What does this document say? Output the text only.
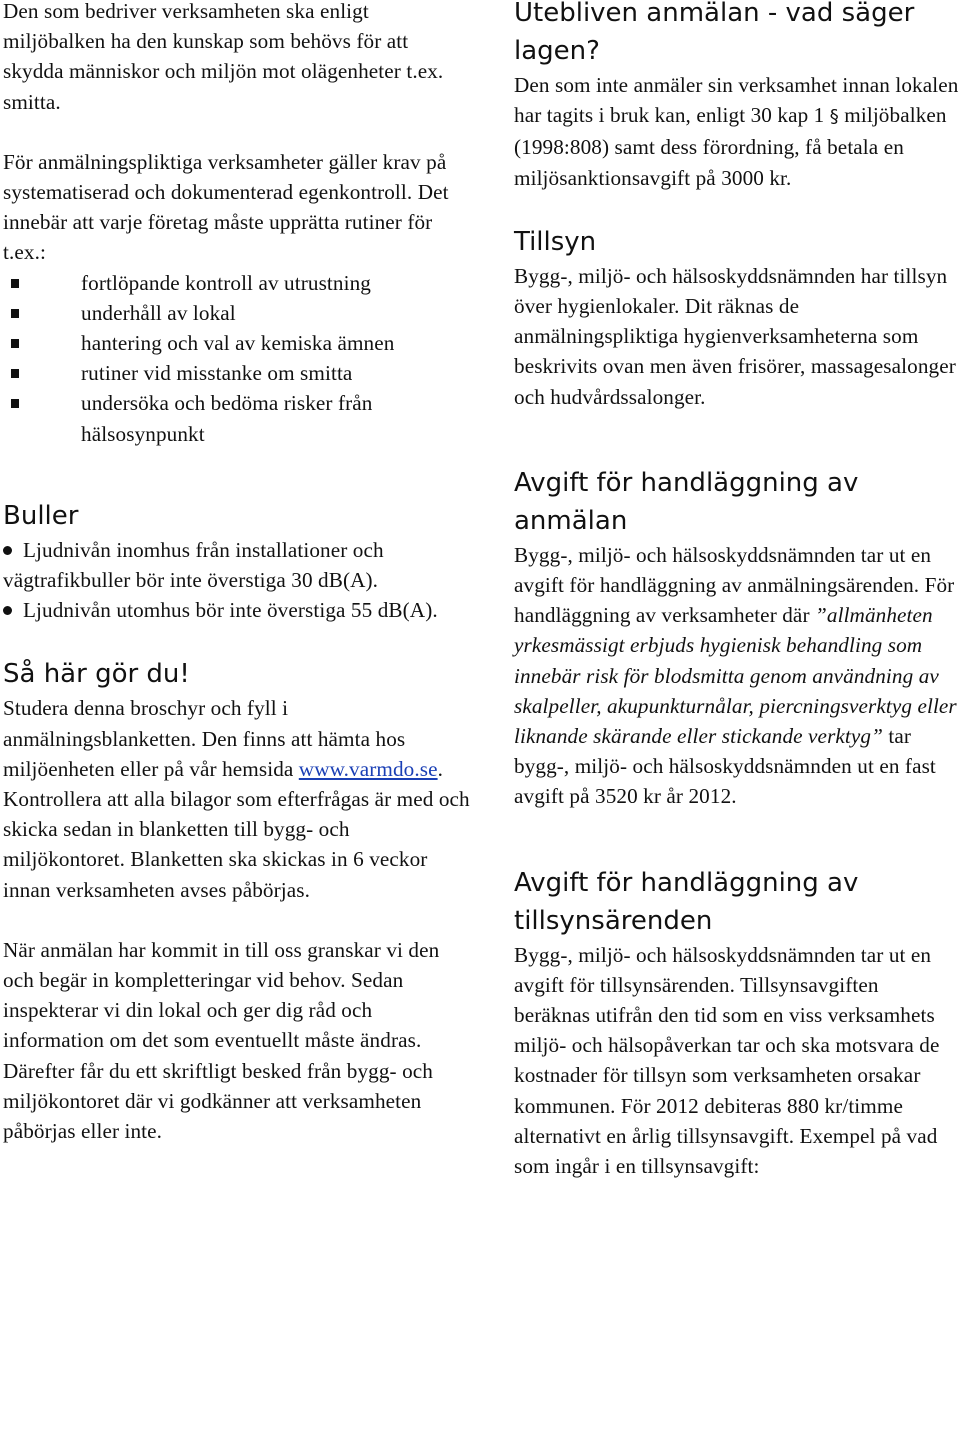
Den som bedriver verksamheten ska enligt miljöbalken ha den kunskap som behövs för att skydda människor och miljön mot olägenheter t.ex. smitta.

För anmälningspliktiga verksamheter gäller krav på systematiserad och dokumenterad egenkontroll. Det innebär att varje företag måste upprätta rutiner för t.ex.:

fortlöpande kontroll av utrustning
underhåll av lokal
hantering och val av kemiska ämnen
rutiner vid misstanke om smitta
undersöka och bedöma risker från hälsosynpunkt
Buller
Ljudnivån inomhus från installationer och vägtrafikbuller bör inte överstiga 30 dB(A).
Ljudnivån utomhus bör inte överstiga 55 dB(A).
Så här gör du!

Studera denna broschyr och fyll i anmälningsblanketten. Den finns att hämta hos miljöenheten eller på vår hemsida www.varmdo.se. Kontrollera att alla bilagor som efterfrågas är med och skicka sedan in blanketten till bygg- och miljökontoret. Blanketten ska skickas in 6 veckor innan verksamheten avses påbörjas.

När anmälan har kommit in till oss granskar vi den och begär in kompletteringar vid behov. Sedan inspekterar vi din lokal och ger dig råd och information om det som eventuellt måste ändras. Därefter får du ett skriftligt besked från bygg- och miljökontoret där vi godkänner att verksamheten påbörjas eller inte.

Utebliven anmälan - vad säger lagen?

Den som inte anmäler sin verksamhet innan lokalen har tagits i bruk kan, enligt 30 kap 1 § miljöbalken (1998:808) samt dess förordning, få betala en miljösanktionsavgift på 3000 kr.

Tillsyn

Bygg-, miljö- och hälsoskyddsnämnden har tillsyn över hygienlokaler. Dit räknas de anmälningspliktiga hygienverksamheterna som beskrivits ovan men även frisörer, massagesalonger och hudvårdssalonger.

Avgift för handläggning av anmälan

Bygg-, miljö- och hälsoskyddsnämnden tar ut en avgift för handläggning av anmälningsärenden. För handläggning av verksamheter där ”allmänheten yrkesmässigt erbjuds hygienisk behandling som innebär risk för blodsmitta genom användning av skalpeller, akupunkturnålar, piercningsverktyg eller liknande skärande eller stickande verktyg” tar bygg-, miljö- och hälsoskyddsnämnden ut en fast avgift på 3520 kr år 2012.

Avgift för handläggning av tillsynsärenden

Bygg-, miljö- och hälsoskyddsnämnden tar ut en avgift för tillsynsärenden. Tillsynsavgiften beräknas utifrån den tid som en viss verksamhets miljö- och hälsopåverkan tar och ska motsvara de kostnader för tillsyn som verksamheten orsakar kommunen. För 2012 debiteras 880 kr/timme alternativt en årlig tillsynsavgift. Exempel på vad som ingår i en tillsynsavgift:
